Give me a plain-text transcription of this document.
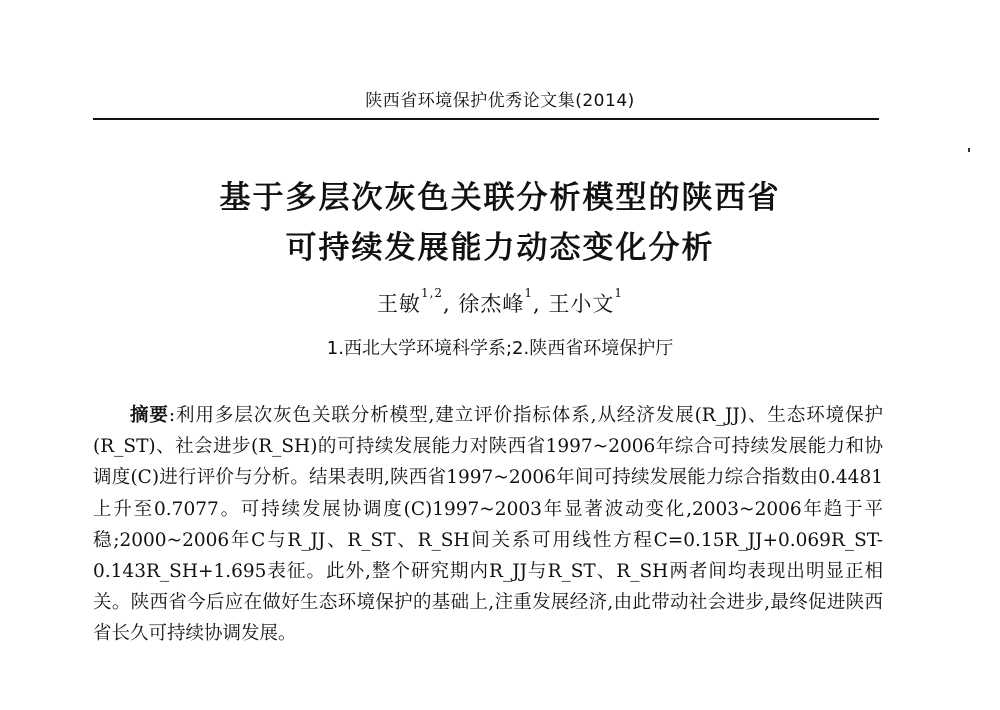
陕西省环境保护优秀论文集(2014)
基于多层次灰色关联分析模型的陕西省
可持续发展能力动态变化分析
王敏$^{1,2}$, 徐杰峰$^1$, 王小文$^1$
1.西北大学环境科学系;2.陕西省环境保护厅

摘要:利用多层次灰色关联分析模型,建立评价指标体系,从经济发展(R_JJ)、生态环境保护(R_ST)、社会进步(R_SH)的可持续发展能力对陕西省1997~2006年综合可持续发展能力和协调度(C)进行评价与分析。结果表明,陕西省1997~2006年间可持续发展能力综合指数由0.4481上升至0.7077。可持续发展协调度(C)1997~2003年显著波动变化,2003~2006年趋于平稳;2000~2006年C与R_JJ、R_ST、R_SH间关系可用线性方程C=0.15R_JJ+0.069R_ST-0.143R_SH+1.695表征。此外,整个研究期内R_JJ与R_ST、R_SH两者间均表现出明显正相关。陕西省今后应在做好生态环境保护的基础上,注重发展经济,由此带动社会进步,最终促进陕西省长久可持续协调发展。
